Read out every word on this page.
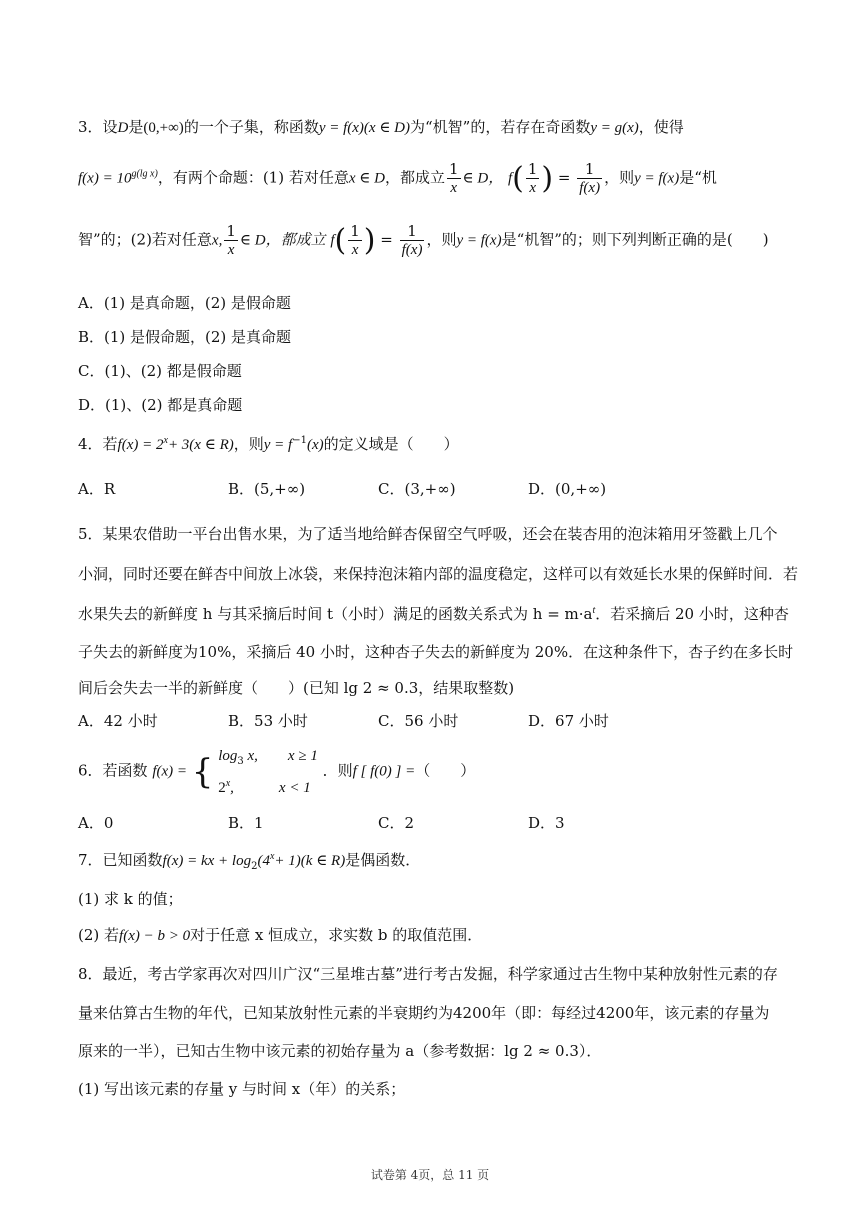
3．设D是(0,+∞)的一个子集，称函数y = f(x)(x ∈ D)为“机智”的，若存在奇函数y = g(x)，使得
$f(x) = 10^{g(lg x)}$，有两个命题：(1) 若对任意x ∈ D，都成立 $\frac{1}{x}$ ∈ D， $f( \frac{1}{x}$ ) = $\frac{1}{f(x)}$ ，则y = f(x)是“机
智”的；(2)若对任意x, $\frac{1}{x}$ ∈ D，都成立 $f( \frac{1}{x}$ ) = $\frac{1}{f(x)}$ ，则y = f(x)是“机智”的；则下列判断正确的是(　　)
A．(1) 是真命题，(2) 是假命题
B．(1) 是假命题，(2) 是真命题
C．(1)、(2) 都是假命题
D．(1)、(2) 都是真命题
4．若$f(x) = 2^x+ 3(x$ ∈ R)，则$y = f^{-1}(x)$的定义域是（　　）
A．R	B．(5,+∞)	C．(3,+∞)	D．(0,+∞)
5．某果农借助一平台出售水果，为了适当地给鲜杏保留空气呼吸，还会在装杏用的泡沫箱用牙签戳上几个
小洞，同时还要在鲜杏中间放上冰袋，来保持泡沫箱内部的温度稳定，这样可以有效延长水果的保鲜时间．若
水果失去的新鲜度 h 与其采摘后时间 t（小时）满足的函数关系式为 $h = m\cdot a^t$．若采摘后 20 小时，这种杏
子失去的新鲜度为10%，采摘后 40 小时，这种杏子失去的新鲜度为 20%．在这种条件下，杏子约在多长时
间后会失去一半的新鲜度（　　）(已知 lg 2 ≈ 0.3，结果取整数)
A．42 小时	B．53 小时	C．56 小时	D．67 小时
6．若函数 f(x) = { $\log_3 x$,　　x ≥ 1
2$^x$,　　　x < 1
．则f [ f(0) ] =（　　）
A．0	B．1	C．2	D．3
7．已知函数f(x) = kx + $\log_2(4^x+ 1)(k$ ∈ R)是偶函数．
(1) 求 k 的值；
(2) 若f(x) − b > 0对于任意 x 恒成立，求实数 b 的取值范围．
8．最近，考古学家再次对四川广汉“三星堆古墓”进行考古发掘，科学家通过古生物中某种放射性元素的存
量来估算古生物的年代，已知某放射性元素的半衰期约为4200年（即：每经过4200年，该元素的存量为
原来的一半），已知古生物中该元素的初始存量为 a（参考数据：lg 2 ≈ 0.3）．
(1) 写出该元素的存量 y 与时间 x（年）的关系；
试卷第 4页，总 11 页
